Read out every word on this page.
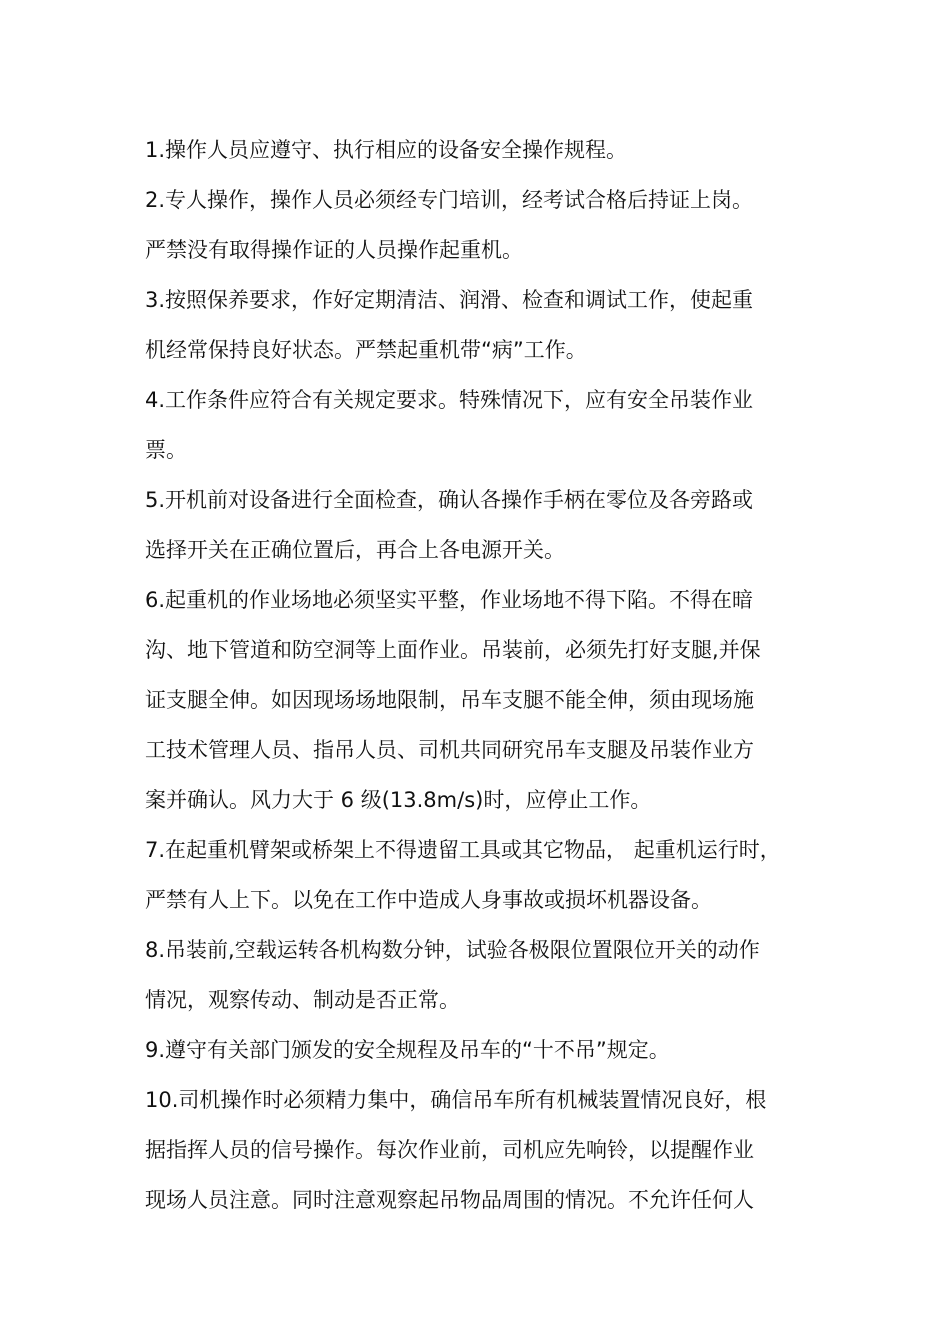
1.操作人员应遵守、执行相应的设备安全操作规程。
2.专人操作，操作人员必须经专门培训，经考试合格后持证上岗。
严禁没有取得操作证的人员操作起重机。
3.按照保养要求，作好定期清洁、润滑、检查和调试工作，使起重
机经常保持良好状态。严禁起重机带“病”工作。
4.工作条件应符合有关规定要求。特殊情况下，应有安全吊装作业
票。
5.开机前对设备进行全面检查，确认各操作手柄在零位及各旁路或
选择开关在正确位置后，再合上各电源开关。
6.起重机的作业场地必须坚实平整，作业场地不得下陷。不得在暗
沟、地下管道和防空洞等上面作业。吊装前，必须先打好支腿,并保
证支腿全伸。如因现场场地限制，吊车支腿不能全伸，须由现场施
工技术管理人员、指吊人员、司机共同研究吊车支腿及吊装作业方
案并确认。风力大于 6 级(13.8m/s)时，应停止工作。
7.在起重机臂架或桥架上不得遗留工具或其它物品， 起重机运行时，
严禁有人上下。以免在工作中造成人身事故或损坏机器设备。
8.吊装前,空载运转各机构数分钟，试验各极限位置限位开关的动作
情况，观察传动、制动是否正常。
9.遵守有关部门颁发的安全规程及吊车的“十不吊”规定。
10.司机操作时必须精力集中，确信吊车所有机械装置情况良好，根
据指挥人员的信号操作。每次作业前，司机应先响铃，以提醒作业
现场人员注意。同时注意观察起吊物品周围的情况。不允许任何人
